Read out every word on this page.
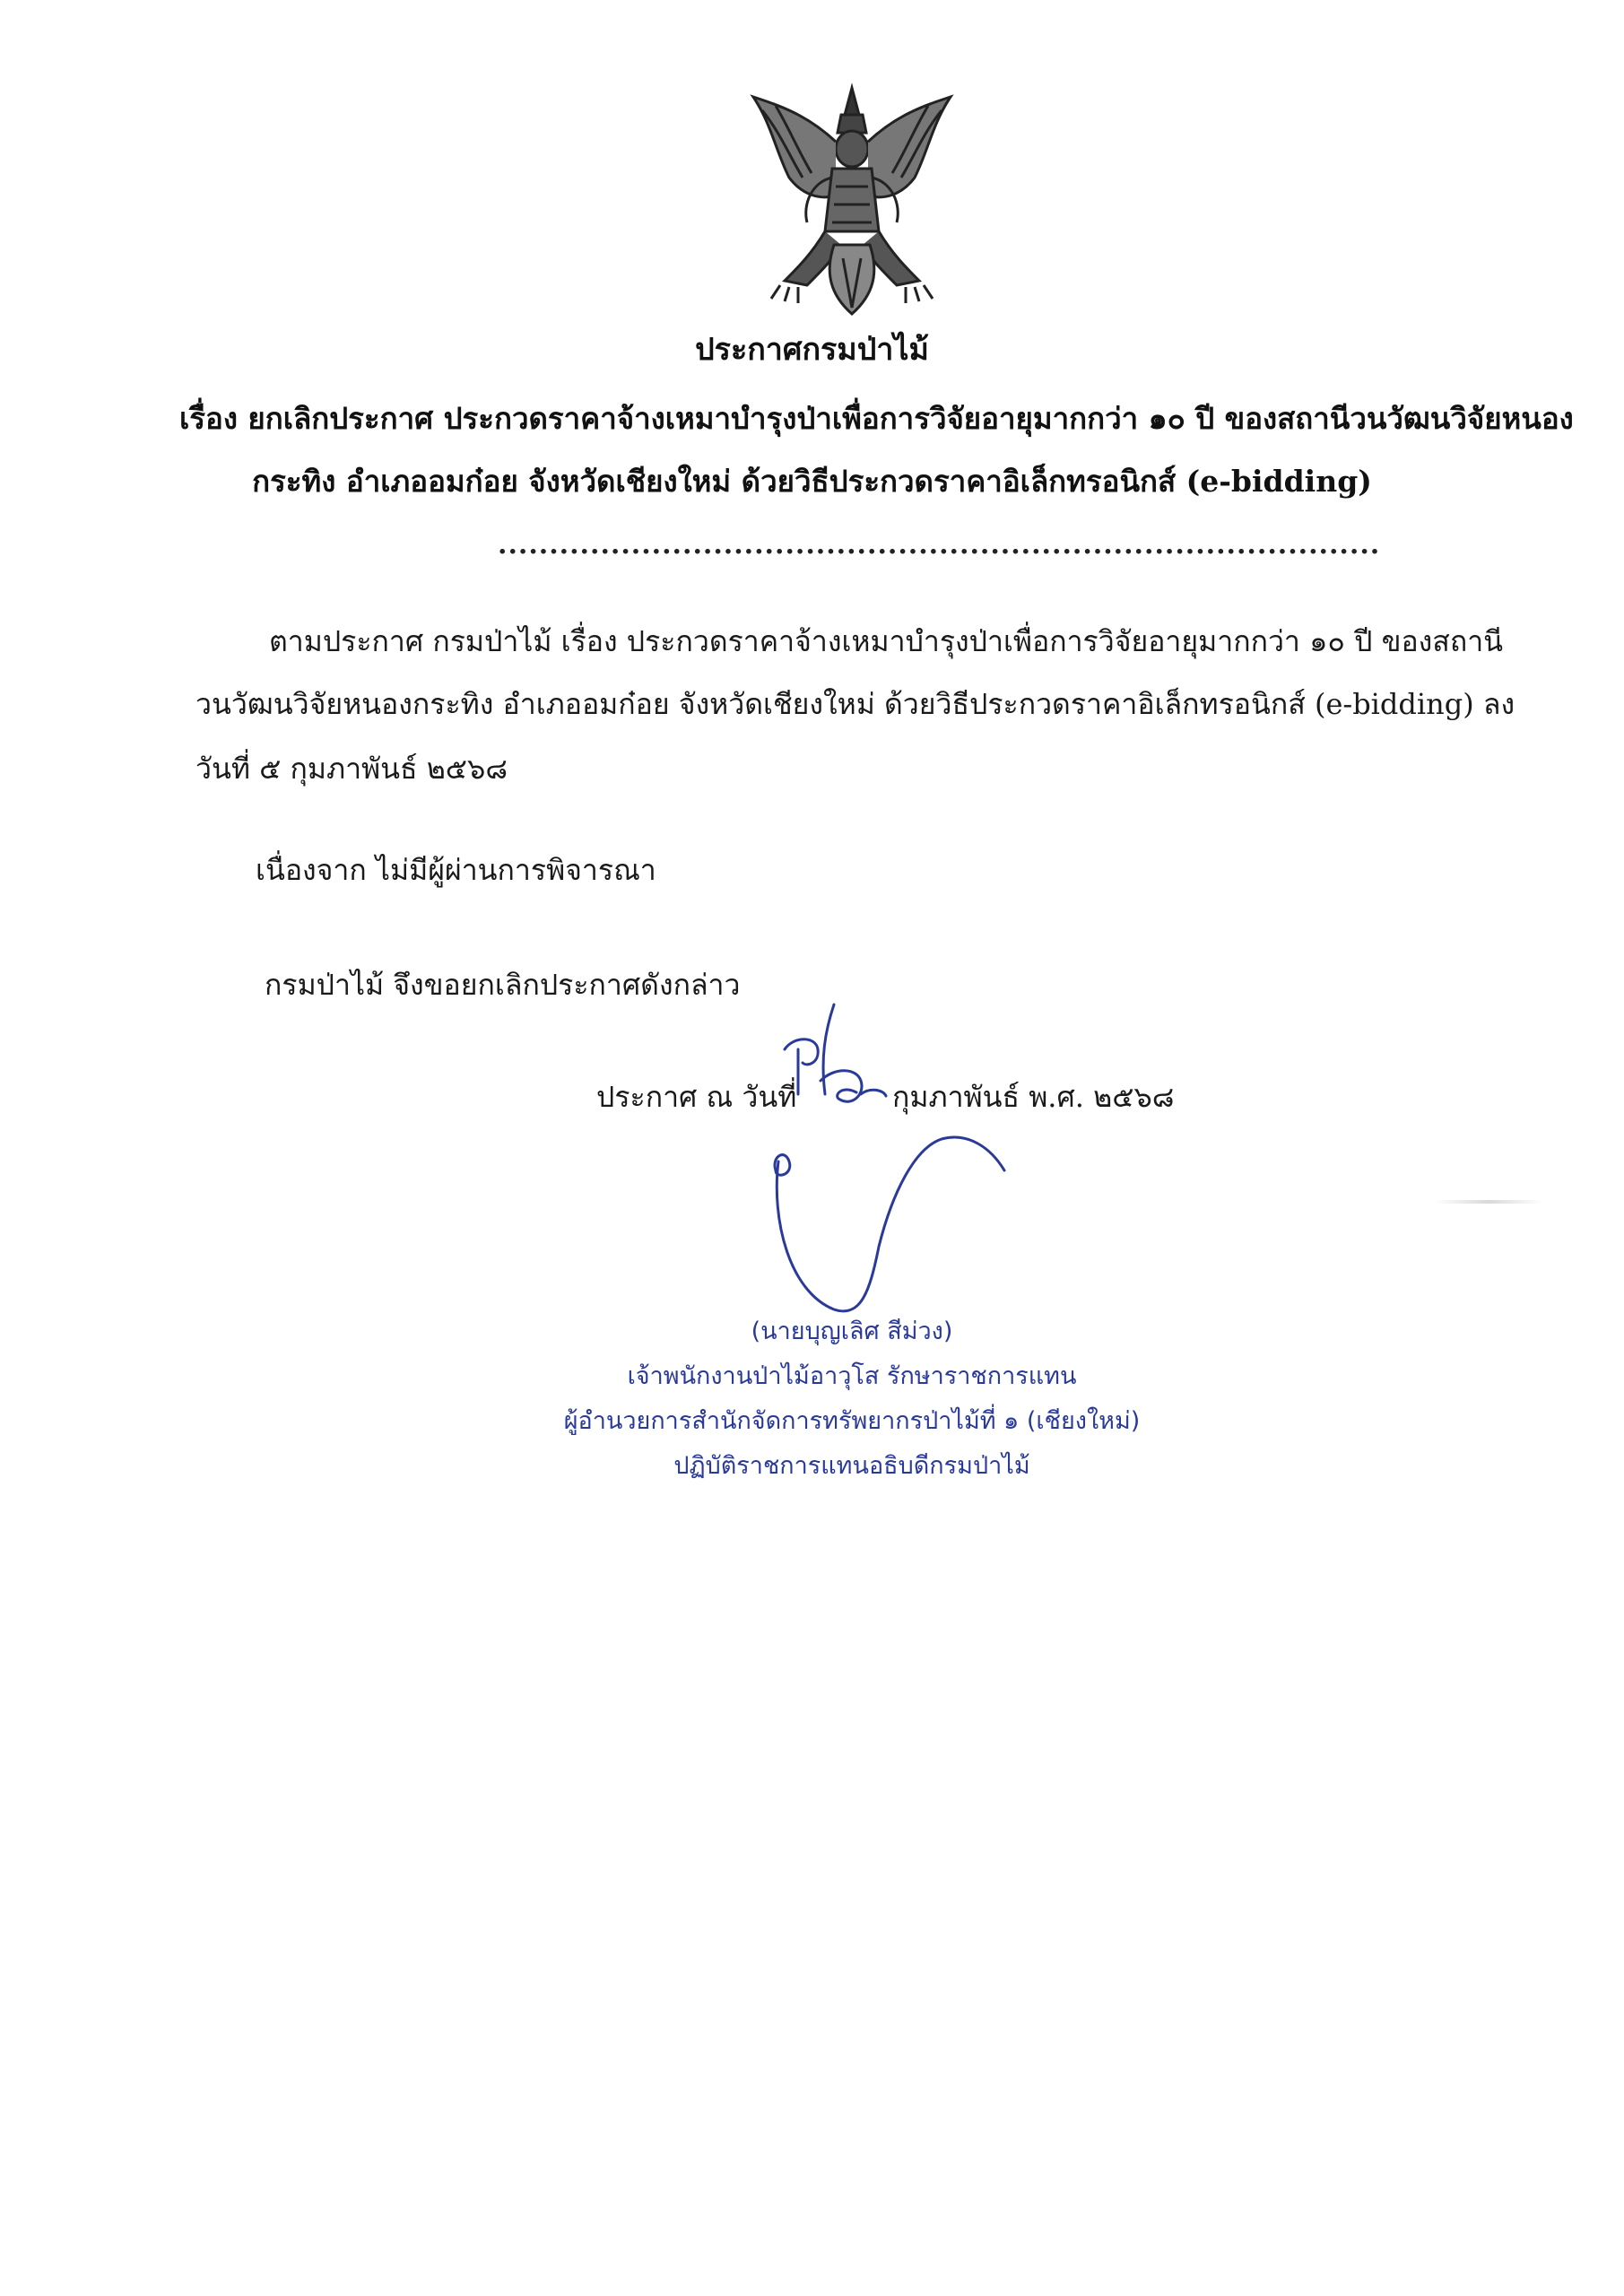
ประกาศกรมป่าไม้
เรื่อง ยกเลิกประกาศ ประกวดราคาจ้างเหมาบำรุงป่าเพื่อการวิจัยอายุมากกว่า ๑๐ ปี ของสถานีวนวัฒนวิจัยหนอง
กระทิง อำเภออมก๋อย จังหวัดเชียงใหม่ ด้วยวิธีประกวดราคาอิเล็กทรอนิกส์ (e-bidding)
......................................................................................
ตามประกาศ กรมป่าไม้ เรื่อง ประกวดราคาจ้างเหมาบำรุงป่าเพื่อการวิจัยอายุมากกว่า ๑๐ ปี ของสถานี
วนวัฒนวิจัยหนองกระทิง อำเภออมก๋อย จังหวัดเชียงใหม่ ด้วยวิธีประกวดราคาอิเล็กทรอนิกส์ (e-bidding) ลง
วันที่ ๕ กุมภาพันธ์ ๒๕๖๘
เนื่องจาก ไม่มีผู้ผ่านการพิจารณา
กรมป่าไม้ จึงขอยกเลิกประกาศดังกล่าว
ประกาศ ณ วันที่	กุมภาพันธ์ พ.ศ. ๒๕๖๘
(นายบุญเลิศ สีม่วง)
เจ้าพนักงานป่าไม้อาวุโส รักษาราชการแทน
ผู้อำนวยการสำนักจัดการทรัพยากรป่าไม้ที่ ๑ (เชียงใหม่)
ปฏิบัติราชการแทนอธิบดีกรมป่าไม้
